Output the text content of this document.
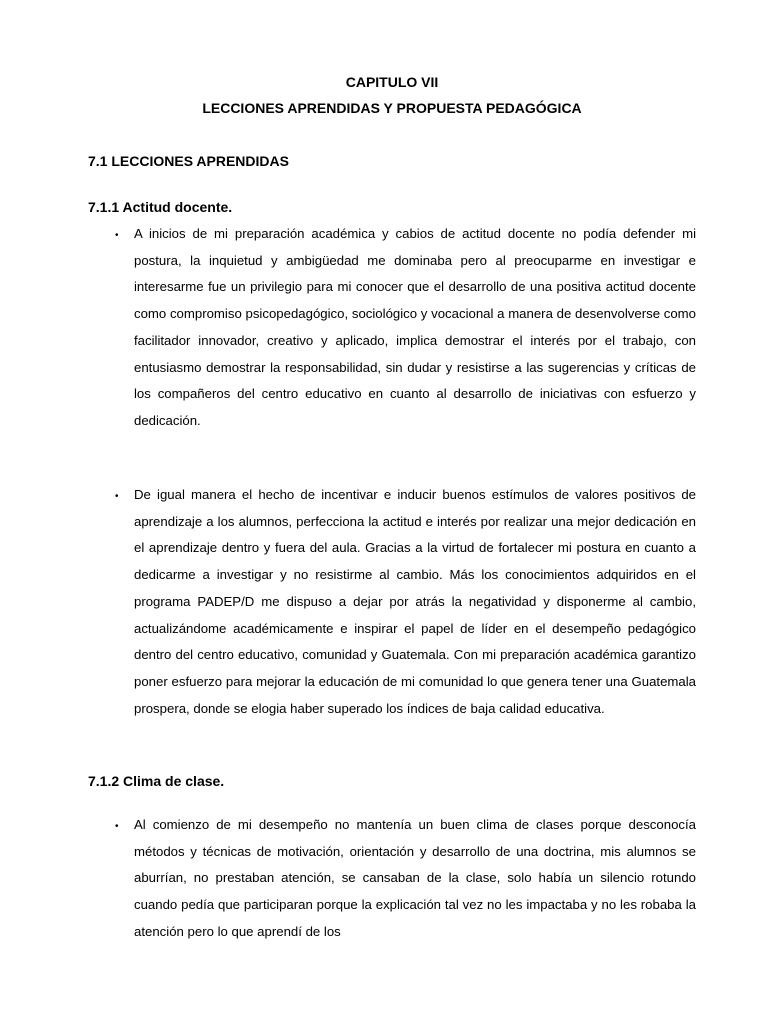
CAPITULO VII
LECCIONES APRENDIDAS Y PROPUESTA PEDAGÓGICA
7.1 LECCIONES APRENDIDAS
7.1.1 Actitud docente.
• A inicios de mi preparación académica y cabios de actitud docente no podía defender mi postura, la inquietud y ambigüedad me dominaba pero al preocuparme en investigar e interesarme fue un privilegio para mi conocer que el desarrollo de una positiva actitud docente como compromiso psicopedagógico, sociológico y vocacional a manera de desenvolverse como facilitador innovador, creativo y aplicado, implica demostrar el interés por el trabajo, con entusiasmo demostrar la responsabilidad, sin dudar y resistirse a las sugerencias y críticas de los compañeros del centro educativo en cuanto al desarrollo de iniciativas con esfuerzo y dedicación.

• De igual manera el hecho de incentivar e inducir buenos estímulos de valores positivos de aprendizaje a los alumnos, perfecciona la actitud e interés por realizar una mejor dedicación en el aprendizaje dentro y fuera del aula. Gracias a la virtud de fortalecer mi postura en cuanto a dedicarme a investigar y no resistirme al cambio. Más los conocimientos adquiridos en el programa PADEP/D me dispuso a dejar por atrás la negatividad y disponerme al cambio, actualizándome académicamente e inspirar el papel de líder en el desempeño pedagógico dentro del centro educativo, comunidad y Guatemala. Con mi preparación académica garantizo poner esfuerzo para mejorar la educación de mi comunidad lo que genera tener una Guatemala prospera, donde se elogia haber superado los índices de baja calidad educativa.

7.1.2 Clima de clase.
• Al comienzo de mi desempeño no mantenía un buen clima de clases porque desconocía métodos y técnicas de motivación, orientación y desarrollo de una doctrina, mis alumnos se aburrían, no prestaban atención, se cansaban de la clase, solo había un silencio rotundo cuando pedía que participaran porque la explicación tal vez no les impactaba y no les robaba la atención pero lo que aprendí de los
